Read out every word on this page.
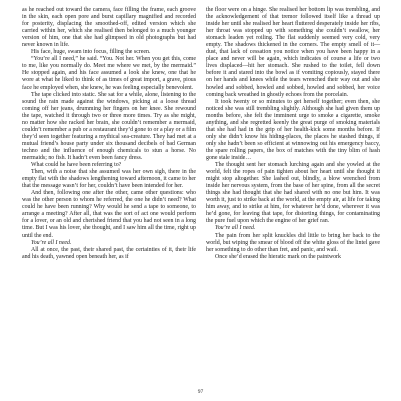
as he reached out toward the camera, face filling the frame, each groove in the skin, each open pore and burst capillary magnified and recorded for posterity, displacing the smoothed-off, edited version which she carried within her, which she realised then belonged to a much younger version of him, one that she had glimpsed in old photographs but had never known in life.

His face, huge, swam into focus, filling the screen.

“You’re all I need,” he said. “You. Not her. When you get this, come to me, like you normally do. Meet me where we met, by the mermaid.” He stopped again, and his face assumed a look she knew, one that he wore at what he liked to think of as times of great import, a grave, pious face he employed when, she knew, he was feeling especially benevolent.

The tape clicked into static. She sat for a while, alone, listening to the sound the rain made against the windows, picking at a loose thread coming off her jeans, drumming her fingers on her knee. She rewound the tape, watched it through two or three more times. Try as she might, no matter how she racked her brain, she couldn’t remember a mermaid, couldn’t remember a pub or a restaurant they’d gone to or a play or a film they’d seen together featuring a mythical sea-creature. They had met at a mutual friend’s house party under six thousand decibels of bad German techno and the influence of enough chemicals to stun a horse. No mermaids; no fish. It hadn’t even been fancy dress.

What could he have been referring to?

Then, with a noise that she assumed was her own sigh, there in the empty flat with the shadows lengthening toward afternoon, it came to her that the message wasn’t for her, couldn’t have been intended for her.

And then, following one after the other, came other questions: who was the other person to whom he referred, the one he didn’t need? What could he have been running? Why would he send a tape to someone, to arrange a meeting? After all, that was the sort of act one would perform for a lover, or an old and cherished friend that you had not seen in a long time. But I was his lover, she thought, and I saw him all the time, right up until the end.

You’re all I need.

All at once, the past, their shared past, the certainties of it, their life and his death, yawned open beneath her, as if

the floor were on a hinge. She realised her bottom lip was trembling, and the acknowledgement of that tremor followed itself like a thread up inside her until she realised her heart fluttered desperately inside her ribs, her throat was stopped up with something she couldn’t swallow, her stomach leaden yet roiling. The flat suddenly seemed very cold, very empty. The shadows thickened in the corners. The empty smell of it—dust, that lack of cessation you notice when you have been happy in a place and never will be again, which indicates of course a life or two lives displaced—hit her stomach. She rushed to the toilet, fell down before it and stared into the bowl as if vomiting copiously, stayed there on her hands and knees while the tears wrenched their way out and she howled and sobbed, howled and sobbed, howled and sobbed, her voice coming back wreathed in ghostly echoes from the porcelain.

It took twenty or so minutes to get herself together; even then, she noticed she was still trembling slightly. Although she had given them up months before, she felt the imminent urge to smoke a cigarette, smoke anything, and she regretted keenly the great purge of smoking materials that she had had in the grip of her health-kick some months before. If only she didn’t know his hiding-places, the places he stashed things, if only she hadn’t been so efficient at winnowing out his emergency baccy, the spare rolling papers, the box of matches with the tiny blim of hash gone stale inside…

The thought sent her stomach lurching again and she yowled at the world, felt the ropes of pain tighten about her heart until she thought it might stop altogether. She lashed out, blindly, a blow wrenched from inside her nervous system, from the base of her spine, from all the secret things she had thought that she had shared with no one but him. It was worth it, just to strike back at the world, at the empty air, at life for taking him away, and to strike at him, for whatever he’d done, wherever it was he’d gone, for leaving that tape, for distorting things, for contaminating the pure fuel upon which the engine of her grief ran.

You’re all I need.

The pain from her split knuckles did little to bring her back to the world, but wiping the smear of blood off the white gloss of the lintel gave her something to do other than fret, and panic, and wail.

Once she’d erased the hieratic mark on the paintwork

97
